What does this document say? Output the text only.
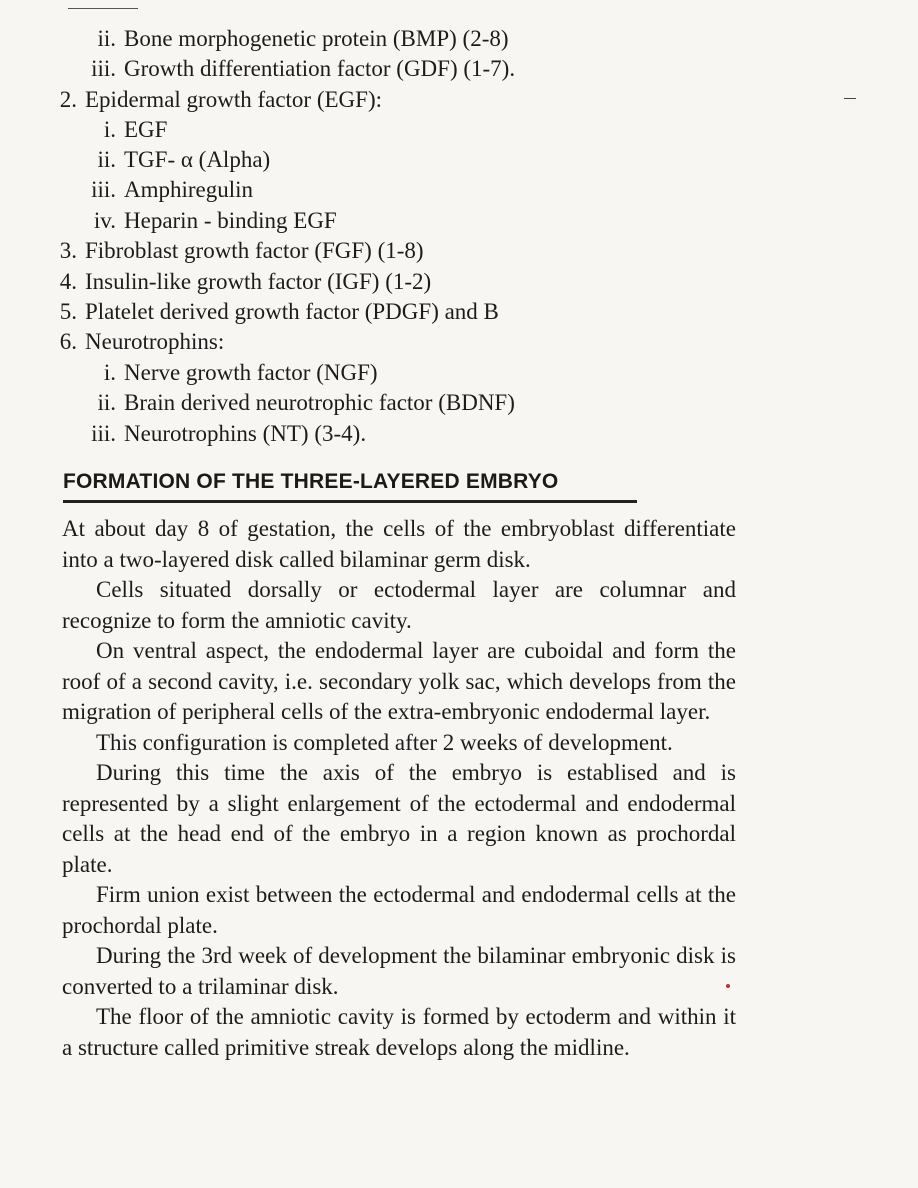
ii. Bone morphogenetic protein (BMP) (2-8)
iii. Growth differentiation factor (GDF) (1-7).
2. Epidermal growth factor (EGF):
i. EGF
ii. TGF- α (Alpha)
iii. Amphiregulin
iv. Heparin - binding EGF
3. Fibroblast growth factor (FGF) (1-8)
4. Insulin-like growth factor (IGF) (1-2)
5. Platelet derived growth factor (PDGF) and B
6. Neurotrophins:
i. Nerve growth factor (NGF)
ii. Brain derived neurotrophic factor (BDNF)
iii. Neurotrophins (NT) (3-4).
FORMATION OF THE THREE-LAYERED EMBRYO

At about day 8 of gestation, the cells of the embryoblast differentiate into a two-layered disk called bilaminar germ disk.

Cells situated dorsally or ectodermal layer are columnar and recognize to form the amniotic cavity.

On ventral aspect, the endodermal layer are cuboidal and form the roof of a second cavity, i.e. secondary yolk sac, which develops from the migration of peripheral cells of the extra-embryonic endodermal layer.

This configuration is completed after 2 weeks of development.

During this time the axis of the embryo is establised and is represented by a slight enlargement of the ectodermal and endodermal cells at the head end of the embryo in a region known as prochordal plate.

Firm union exist between the ectodermal and endodermal cells at the prochordal plate.

During the 3rd week of development the bilaminar embryonic disk is converted to a trilaminar disk.

The floor of the amniotic cavity is formed by ectoderm and within it a structure called primitive streak develops along the midline.
